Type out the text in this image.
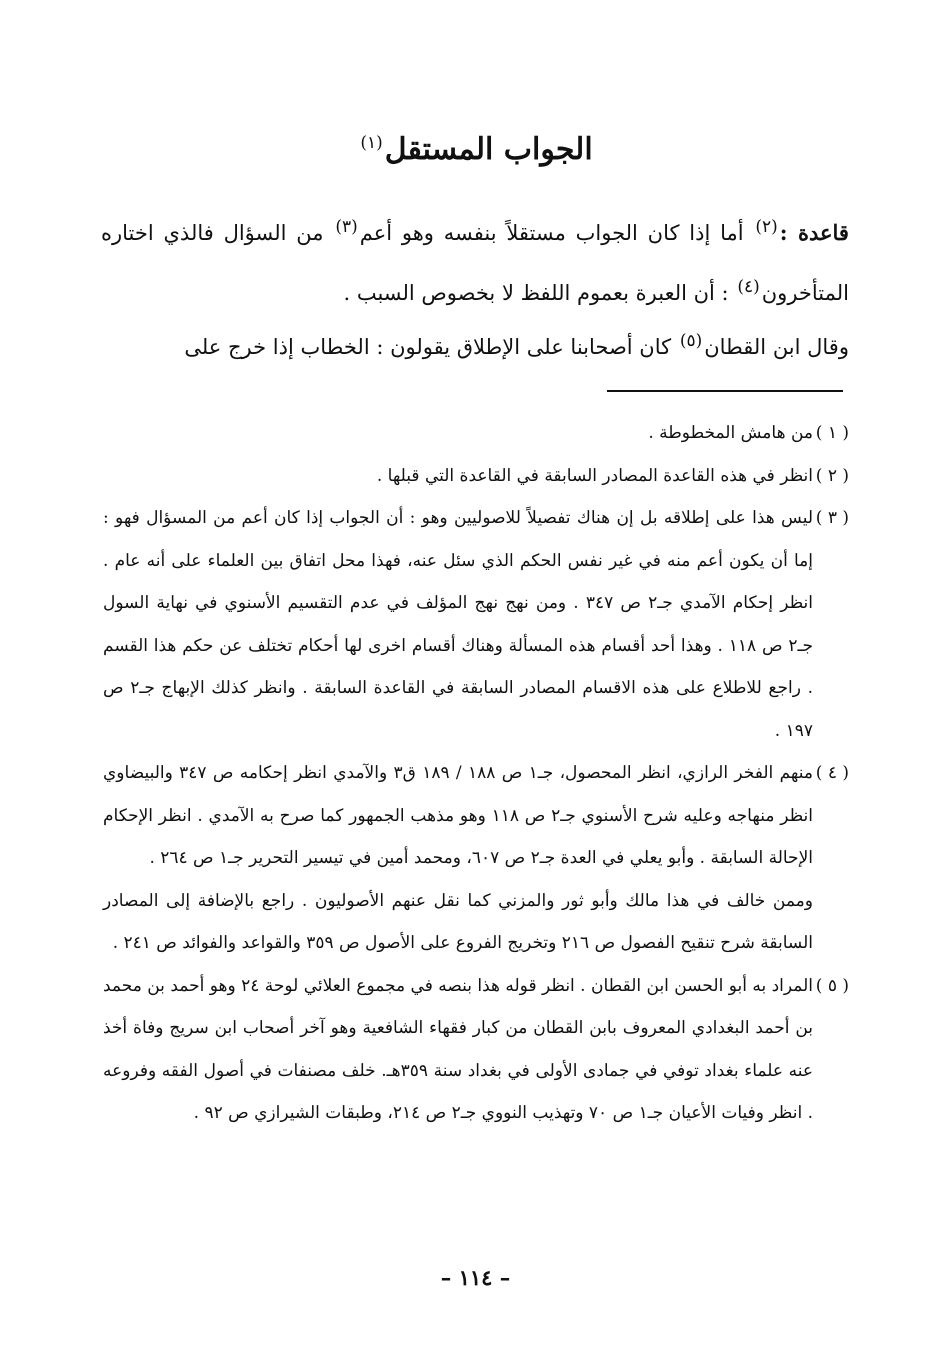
الجواب المستقل$^{(١)}$
قاعدة :$^{(٢)}$ أما إذا كان الجواب مستقلاً بنفسه وهو أعم$^{(٣)}$ من السؤال فالذي اختاره المتأخرون$^{(٤)}$ : أن العبرة بعموم اللفظ لا بخصوص السبب .
وقال ابن القطان$^{(٥)}$ كان أصحابنا على الإطلاق يقولون : الخطاب إذا خرج على
( ١ )
من هامش المخطوطة .
( ٢ )
انظر في هذه القاعدة المصادر السابقة في القاعدة التي قبلها .
( ٣ )
ليس هذا على إطلاقه بل إن هناك تفصيلاً للاصوليين وهو : أن الجواب إذا كان أعم من المسؤال فهو : إما أن يكون أعم منه في غير نفس الحكم الذي سئل عنه، فهذا محل اتفاق بين العلماء على أنه عام . انظر إحكام الآمدي جـ٢ ص ٣٤٧ . ومن نهج نهج المؤلف في عدم التقسيم الأسنوي في نهاية السول جـ٢ ص ١١٨ . وهذا أحد أقسام هذه المسألة وهناك أقسام اخرى لها أحكام تختلف عن حكم هذا القسم . راجع للاطلاع على هذه الاقسام المصادر السابقة في القاعدة السابقة . وانظر كذلك الإبهاج جـ٢ ص ١٩٧ .
( ٤ )
منهم الفخر الرازي، انظر المحصول، جـ١ ص ١٨٨ / ١٨٩ ق٣ والآمدي انظر إحكامه ص ٣٤٧ والبيضاوي انظر منهاجه وعليه شرح الأسنوي جـ٢ ص ١١٨ وهو مذهب الجمهور كما صرح به الآمدي . انظر الإحكام الإحالة السابقة . وأبو يعلي في العدة جـ٢ ص ٦٠٧، ومحمد أمين في تيسير التحرير جـ١ ص ٢٦٤ .
وممن خالف في هذا مالك وأبو ثور والمزني كما نقل عنهم الأصوليون . راجع بالإضافة إلى المصادر السابقة شرح تنقيح الفصول ص ٢١٦ وتخريج الفروع على الأصول ص ٣٥٩ والقواعد والفوائد ص ٢٤١ .
( ٥ )
المراد به أبو الحسن ابن القطان . انظر قوله هذا بنصه في مجموع العلائي لوحة ٢٤ وهو أحمد بن محمد بن أحمد البغدادي المعروف بابن القطان من كبار فقهاء الشافعية وهو آخر أصحاب ابن سريج وفاة أخذ عنه علماء بغداد توفي في جمادى الأولى في بغداد سنة ٣٥٩هـ. خلف مصنفات في أصول الفقه وفروعه . انظر وفيات الأعيان جـ١ ص ٧٠ وتهذيب النووي جـ٢ ص ٢١٤، وطبقات الشيرازي ص ٩٢ .
– ١١٤ –
